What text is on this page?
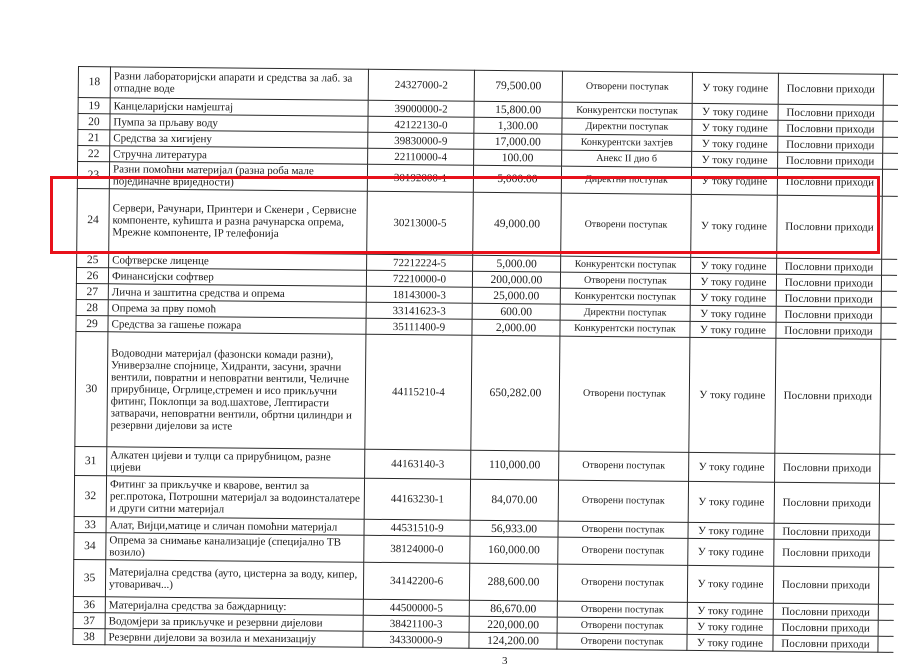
18	Разни лабораторијски апарати и средства за лаб. за отпадне воде	24327000-2	79,500.00	Отворени поступак	У току године	Пословни приходи	
19	Канцеларијски намјештај	39000000-2	15,800.00	Конкурентски поступак	У току године	Пословни приходи	
20	Пумпа за прљаву воду	42122130-0	1,300.00	Директни поступак	У току године	Пословни приходи	
21	Средства за хигијену	39830000-9	17,000.00	Конкурентски захтјев	У току године	Пословни приходи	
22	Стручна литература	22110000-4	100.00	Анекс II дио б	У току године	Пословни приходи	
23	Разни помоћни материјал (разна роба мале појединачне вриједности)	30192000-1	5,000.00	Директни поступак	У току године	Пословни приходи	
24	Сервери, Рачунари, Принтери и Скенери , Сервисне компоненте, кућишта и разна рачунарска опрема, Мрежне компоненте, IP телефонија	30213000-5	49,000.00	Отворени поступак	У току године	Пословни приходи	
25	Софтверске лиценце	72212224-5	5,000.00	Конкурентски поступак	У току године	Пословни приходи	
26	Финансијски софтвер	72210000-0	200,000.00	Отворени поступак	У току године	Пословни приходи	
27	Лична и заштитна средства и опрема	18143000-3	25,000.00	Конкурентски поступак	У току године	Пословни приходи	
28	Опрема за прву помоћ	33141623-3	600.00	Директни поступак	У току године	Пословни приходи	
29	Средства за гашење пожара	35111400-9	2,000.00	Конкурентски поступак	У току године	Пословни приходи	
30	Водоводни материјал (фазонски комади разни), Универзалне спојнице, Хидранти, засуни, зрачни вентили, повратни и неповратни вентили, Челичне прирубнице, Огрлице,стремен и исо прикључни фитинг, Поклопци за вод.шахтове, Лептирасти затварачи, неповратни вентили, обртни цилиндри и резервни дијелови за исте	44115210-4	650,282.00	Отворени поступак	У току године	Пословни приходи	
31	Алкатен цијеви и тулци са прирубницом, разне цијеви	44163140-3	110,000.00	Отворени поступак	У току године	Пословни приходи	
32	Фитинг за прикључке и кварове, вентил за рег.протока, Потрошни материјал за водоинсталатере и други ситни материјал	44163230-1	84,070.00	Отворени поступак	У току године	Пословни приходи	
33	Алат, Вијци,матице и сличан помоћни материјал	44531510-9	56,933.00	Отворени поступак	У току године	Пословни приходи	
34	Опрема за снимање канализације (специјално ТВ возило)	38124000-0	160,000.00	Отворени поступак	У току године	Пословни приходи	
35	Материјална средства (ауто, цистерна за воду, кипер, утоваривач...)	34142200-6	288,600.00	Отворени поступак	У току године	Пословни приходи	
36	Материјална средства за баждарницу:	44500000-5	86,670.00	Отворени поступак	У току године	Пословни приходи	
37	Водомјери за прикључке и резервни дијелови	38421100-3	220,000.00	Отворени поступак	У току године	Пословни приходи	
38	Резервни дијелови за возила и механизацију	34330000-9	124,200.00	Отворени поступак	У току године	Пословни приходи	
3
